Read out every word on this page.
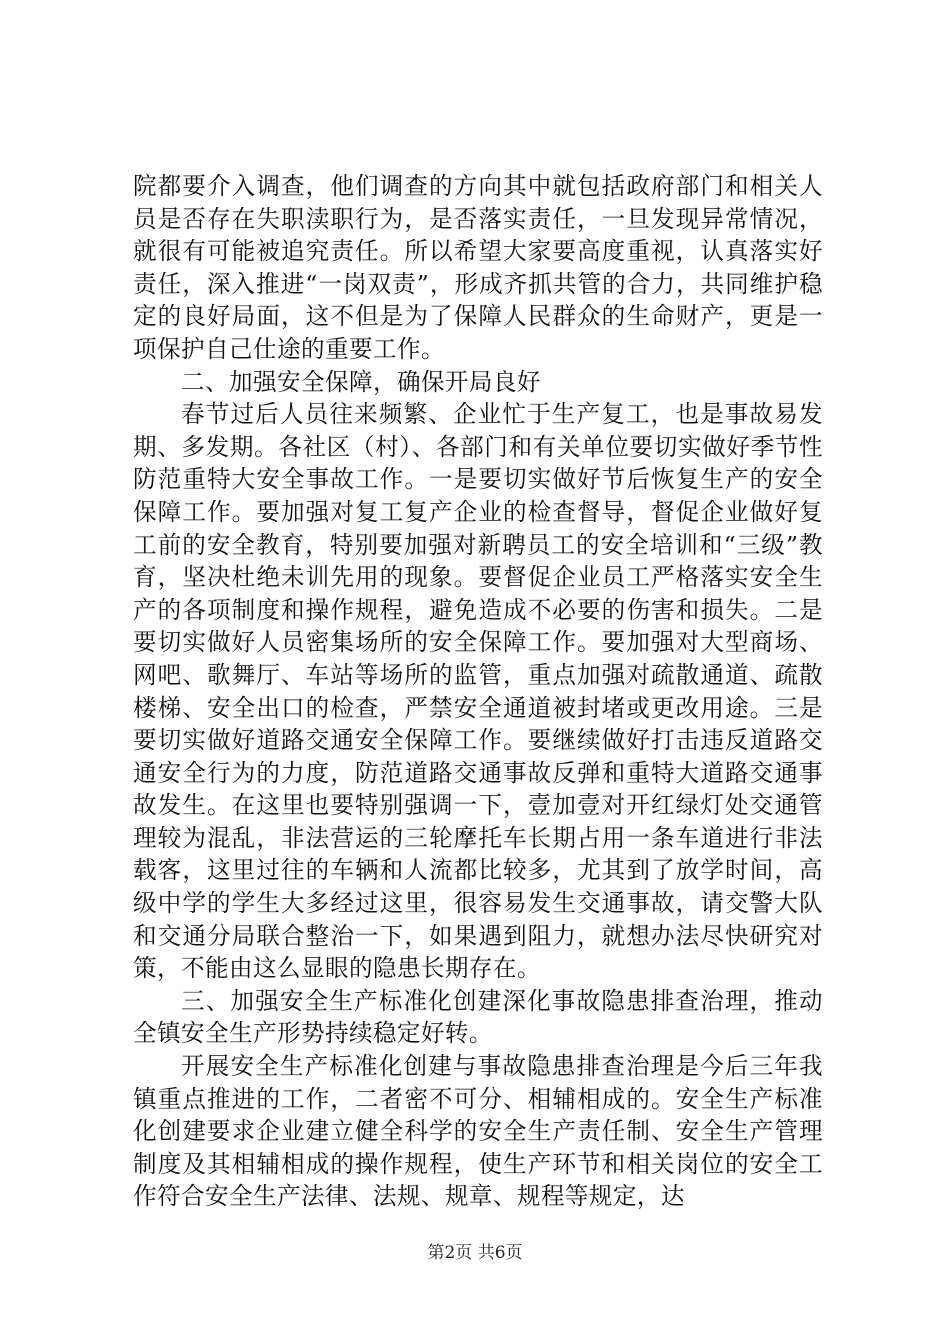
院都要介入调查，他们调查的方向其中就包括政府部门和相关人员是否存在失职渎职行为，是否落实责任，一旦发现异常情况，就很有可能被追究责任。所以希望大家要高度重视，认真落实好责任，深入推进“一岗双责”，形成齐抓共管的合力，共同维护稳定的良好局面，这不但是为了保障人民群众的生命财产，更是一项保护自己仕途的重要工作。

二、加强安全保障，确保开局良好

春节过后人员往来频繁、企业忙于生产复工，也是事故易发期、多发期。各社区（村）、各部门和有关单位要切实做好季节性防范重特大安全事故工作。一是要切实做好节后恢复生产的安全保障工作。要加强对复工复产企业的检查督导，督促企业做好复工前的安全教育，特别要加强对新聘员工的安全培训和“三级”教育，坚决杜绝未训先用的现象。要督促企业员工严格落实安全生产的各项制度和操作规程，避免造成不必要的伤害和损失。二是要切实做好人员密集场所的安全保障工作。要加强对大型商场、网吧、歌舞厅、车站等场所的监管，重点加强对疏散通道、疏散楼梯、安全出口的检查，严禁安全通道被封堵或更改用途。三是要切实做好道路交通安全保障工作。要继续做好打击违反道路交通安全行为的力度，防范道路交通事故反弹和重特大道路交通事故发生。在这里也要特别强调一下，壹加壹对开红绿灯处交通管理较为混乱，非法营运的三轮摩托车长期占用一条车道进行非法载客，这里过往的车辆和人流都比较多，尤其到了放学时间，高级中学的学生大多经过这里，很容易发生交通事故，请交警大队和交通分局联合整治一下，如果遇到阻力，就想办法尽快研究对策，不能由这么显眼的隐患长期存在。

三、加强安全生产标准化创建深化事故隐患排查治理，推动全镇安全生产形势持续稳定好转。

开展安全生产标准化创建与事故隐患排查治理是今后三年我镇重点推进的工作，二者密不可分、相辅相成的。安全生产标准化创建要求企业建立健全科学的安全生产责任制、安全生产管理制度及其相辅相成的操作规程，使生产环节和相关岗位的安全工作符合安全生产法律、法规、规章、规程等规定，达

第2页 共6页
